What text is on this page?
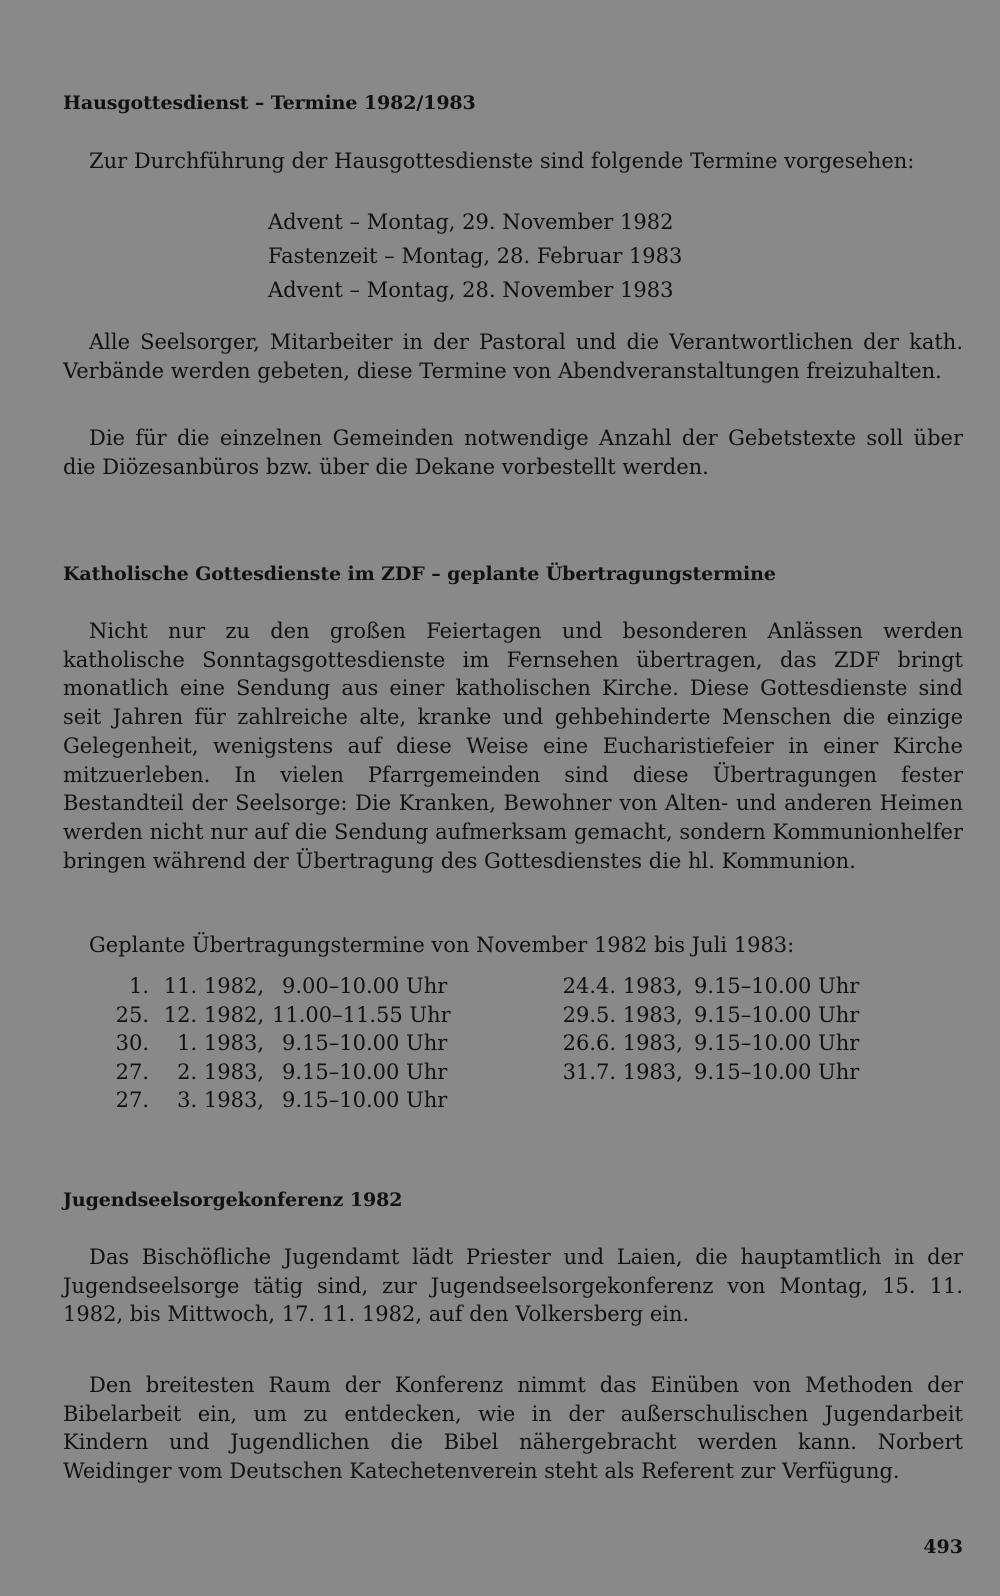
Hausgottesdienst – Termine 1982/1983

Zur Durchführung der Hausgottesdienste sind folgende Termine vorgesehen:

Advent – Montag, 29. November 1982
Fastenzeit – Montag, 28. Februar 1983
Advent – Montag, 28. November 1983

Alle Seelsorger, Mitarbeiter in der Pastoral und die Verantwortlichen der kath. Verbände werden gebeten, diese Termine von Abendveranstaltungen freizuhalten.

Die für die einzelnen Gemeinden notwendige Anzahl der Gebetstexte soll über die Diözesanbüros bzw. über die Dekane vorbestellt werden.

Katholische Gottesdienste im ZDF – geplante Übertragungstermine

Nicht nur zu den großen Feiertagen und besonderen Anlässen werden katholische Sonntagsgottesdienste im Fernsehen übertragen, das ZDF bringt monatlich eine Sendung aus einer katholischen Kirche. Diese Gottesdienste sind seit Jahren für zahlreiche alte, kranke und gehbehinderte Menschen die einzige Gelegenheit, wenigstens auf diese Weise eine Eucharistiefeier in einer Kirche mitzuerleben. In vielen Pfarrgemeinden sind diese Übertragungen fester Bestandteil der Seelsorge: Die Kranken, Bewohner von Alten- und anderen Heimen werden nicht nur auf die Sendung aufmerksam gemacht, sondern Kommunionhelfer bringen während der Übertragung des Gottesdienstes die hl. Kommunion.

Geplante Übertragungstermine von November 1982 bis Juli 1983:
1. 11. 1982, 9.00–10.00 Uhr
25. 12. 1982, 11.00–11.55 Uhr
30.	1. 1983, 9.15–10.00 Uhr
27.	2. 1983, 9.15–10.00 Uhr
27.	3. 1983, 9.15–10.00 Uhr
24. 4. 1983, 9.15–10.00 Uhr
29. 5. 1983, 9.15–10.00 Uhr
26. 6. 1983, 9.15–10.00 Uhr
31. 7. 1983, 9.15–10.00 Uhr
Jugendseelsorgekonferenz 1982

Das Bischöfliche Jugendamt lädt Priester und Laien, die hauptamtlich in der Jugendseelsorge tätig sind, zur Jugendseelsorgekonferenz von Montag, 15. 11. 1982, bis Mittwoch, 17. 11. 1982, auf den Volkersberg ein.

Den breitesten Raum der Konferenz nimmt das Einüben von Methoden der Bibelarbeit ein, um zu entdecken, wie in der außerschulischen Jugendarbeit Kindern und Jugendlichen die Bibel nähergebracht werden kann. Norbert Weidinger vom Deutschen Katechetenverein steht als Referent zur Verfügung.

493
